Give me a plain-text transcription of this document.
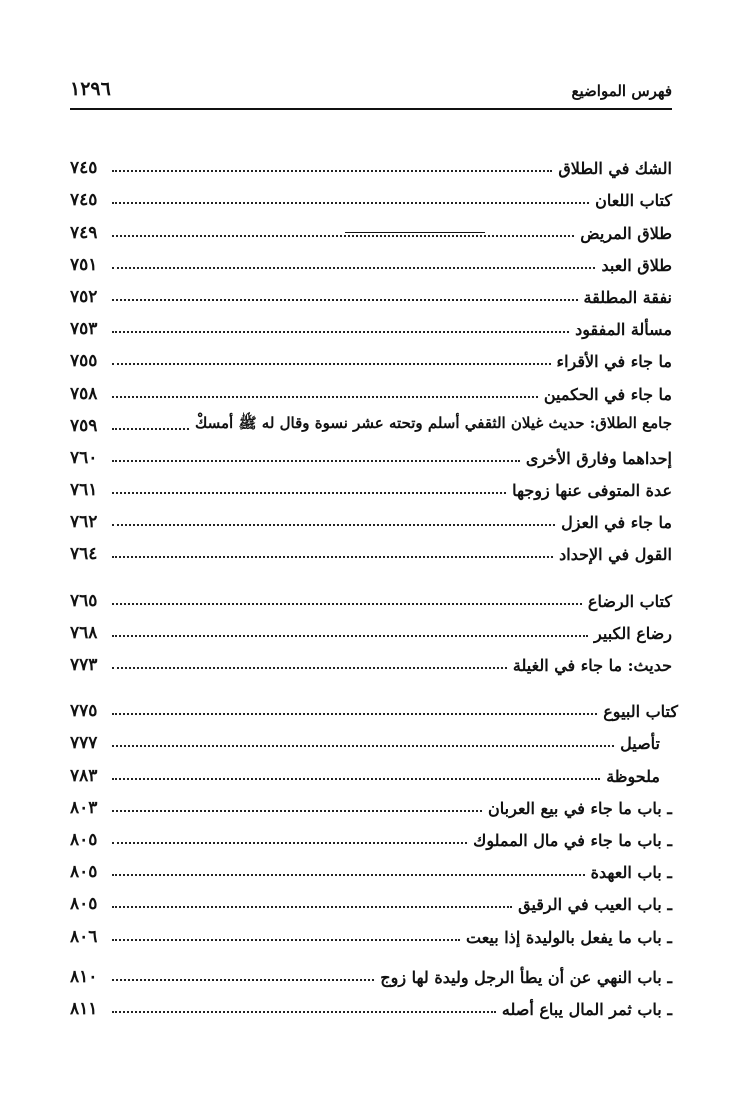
فهرس المواضيع
١٢٩٦
الشك في الطلاق
٧٤٥
كتاب اللعان
٧٤٥
طلاق المريض
٧٤٩
طلاق العبد
٧٥١
نفقة المطلقة
٧٥٢
مسألة المفقود
٧٥٣
ما جاء في الأقراء
٧٥٥
ما جاء في الحكمين
٧٥٨
جامع الطلاق: حديث غيلان الثقفي أسلم وتحته عشر نسوة وقال له ﷺ أمسكْ
٧٥٩
إحداهما وفارق الأخرى
٧٦٠
عدة المتوفى عنها زوجها
٧٦١
ما جاء في العزل
٧٦٢
القول في الإحداد
٧٦٤
كتاب الرضاع
٧٦٥
رضاع الكبير
٧٦٨
حديث: ما جاء في الغيلة
٧٧٣
كتاب البيوع
٧٧٥
تأصيل
٧٧٧
ملحوظة
٧٨٣
ـ باب ما جاء في بيع العربان
٨٠٣
ـ باب ما جاء في مال المملوك
٨٠٥
ـ باب العهدة
٨٠٥
ـ باب العيب في الرقيق
٨٠٥
ـ باب ما يفعل بالوليدة إذا بيعت
٨٠٦
ـ باب النهي عن أن يطأ الرجل وليدة لها زوج
٨١٠
ـ باب ثمر المال يباع أصله
٨١١
